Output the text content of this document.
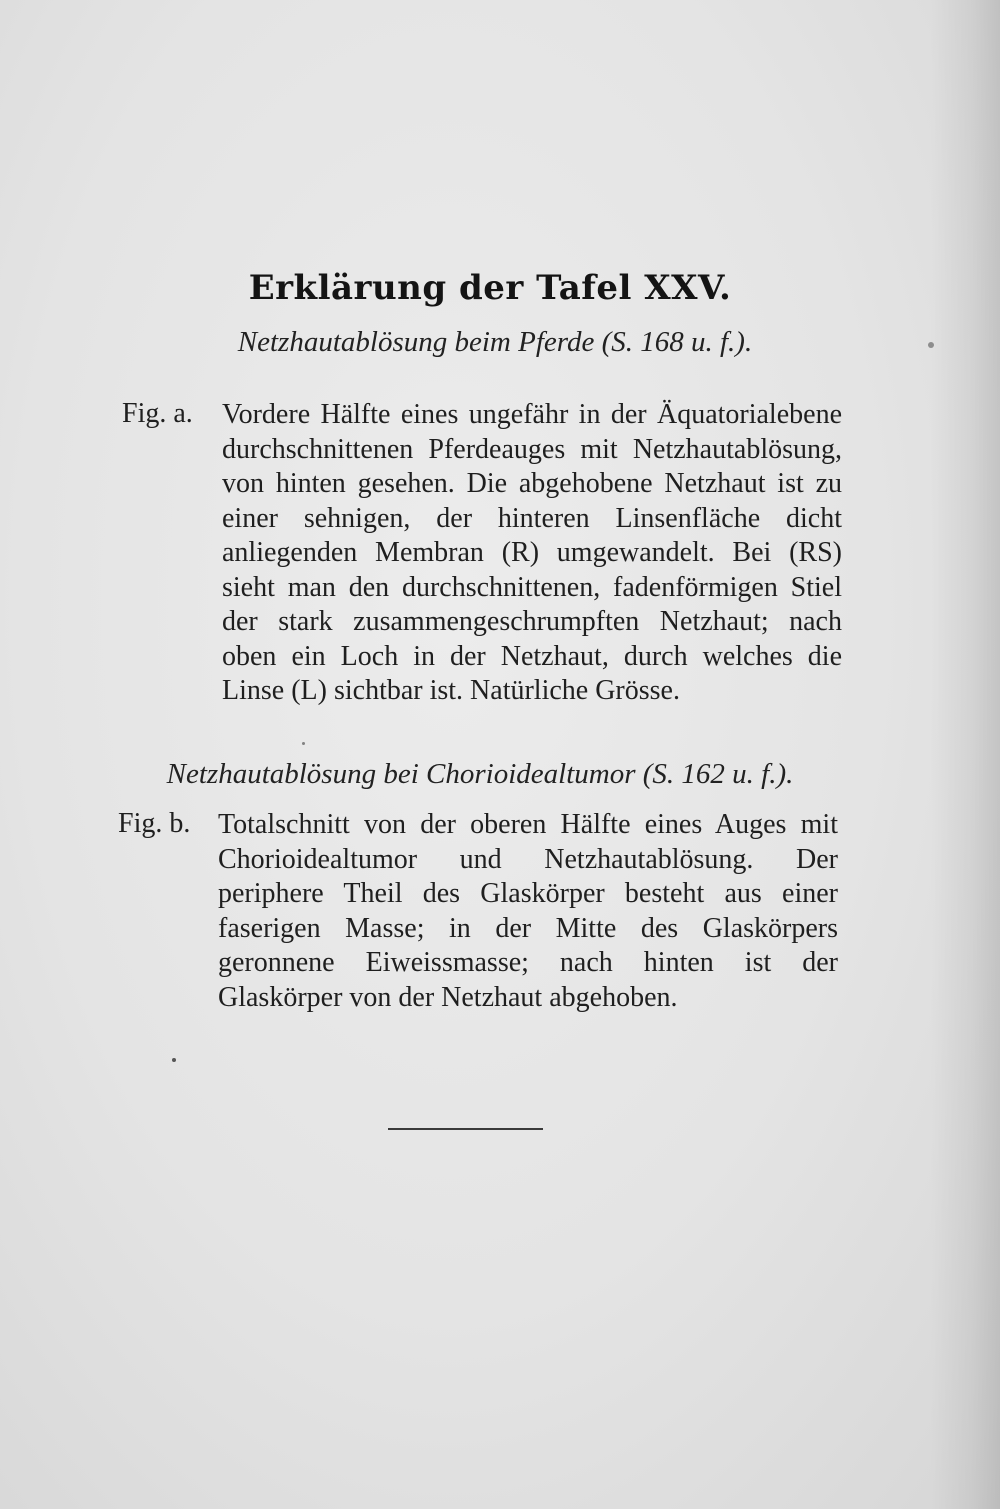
Erklärung der Tafel XXV.

Netzhautablösung beim Pferde (S. 168 u. f.).

Fig. a. Vordere Hälfte eines ungefähr in der Äquatorialebene durchschnittenen Pferdeauges mit Netzhautablösung, von hinten gesehen. Die abgehobene Netzhaut ist zu einer sehnigen, der hinteren Linsenfläche dicht anliegenden Membran (R) umgewandelt. Bei (RS) sieht man den durchschnittenen, fadenförmigen Stiel der stark zusammengeschrumpften Netzhaut; nach oben ein Loch in der Netzhaut, durch welches die Linse (L) sichtbar ist. Natürliche Grösse.

Netzhautablösung bei Chorioidealtumor (S. 162 u. f.).

Fig. b. Totalschnitt von der oberen Hälfte eines Auges mit Chorioidealtumor und Netzhautablösung. Der periphere Theil des Glaskörper besteht aus einer faserigen Masse; in der Mitte des Glaskörpers geronnene Eiweissmasse; nach hinten ist der Glaskörper von der Netzhaut abgehoben.
